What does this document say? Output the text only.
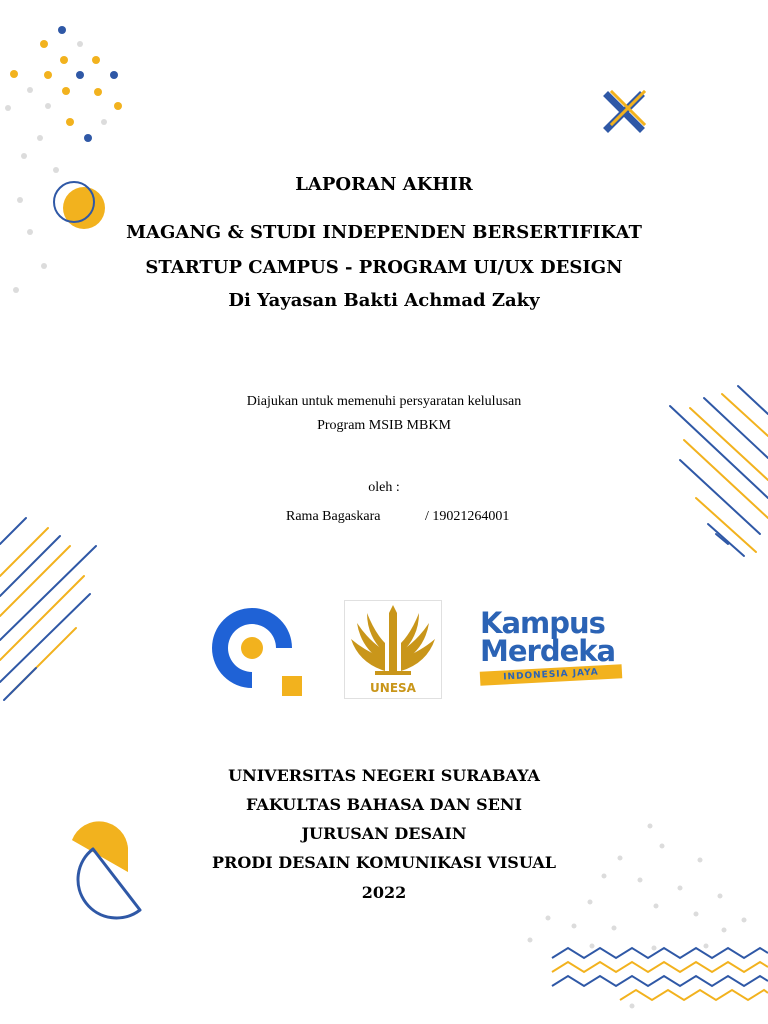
LAPORAN AKHIR
MAGANG & STUDI INDEPENDEN BERSERTIFIKAT
STARTUP CAMPUS - PROGRAM UI/UX DESIGN
Di Yayasan Bakti Achmad Zaky
Diajukan untuk memenuhi persyaratan kelulusan
Program MSIB MBKM
oleh :
Rama Bagaskara	/ 19021264001
UNESA
Kampus
Merdeka
INDONESIA JAYA
UNIVERSITAS NEGERI SURABAYA
FAKULTAS BAHASA DAN SENI
JURUSAN DESAIN
PRODI DESAIN KOMUNIKASI VISUAL
2022
